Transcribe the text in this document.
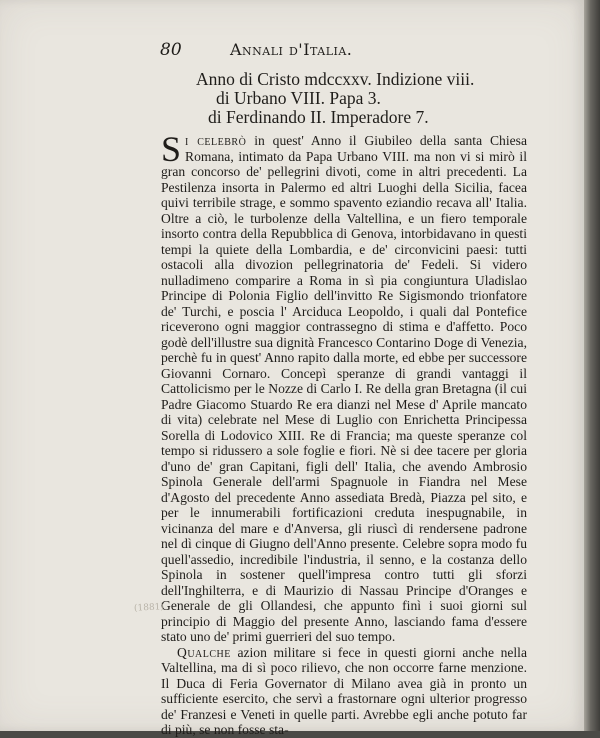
80	Annali d'Italia.
Anno di Cristo mdccxxv. Indizione viii.
di Urbano VIII. Papa 3.
di Ferdinando II. Imperadore 7.

Si celebrò in quest' Anno il Giubileo della santa Chiesa Romana, intimato da Papa Urbano VIII. ma non vi si mirò il gran concorso de' pellegrini divoti, come in altri precedenti. La Pestilenza insorta in Palermo ed altri Luoghi della Sicilia, facea quivi terribile strage, e sommo spavento eziandio recava all' Italia. Oltre a ciò, le turbolenze della Valtellina, e un fiero temporale insorto contra della Repubblica di Genova, intorbidavano in questi tempi la quiete della Lombardia, e de' circonvicini paesi: tutti ostacoli alla divozion pellegrinatoria de' Fedeli. Si videro nulladimeno comparire a Roma in sì pia congiuntura Uladislao Principe di Polonia Figlio dell'invitto Re Sigismondo trionfatore de' Turchi, e poscia l' Arciduca Leopoldo, i quali dal Pontefice riceverono ogni maggior contrassegno di stima e d'affetto. Poco godè dell'illustre sua dignità Francesco Contarino Doge di Venezia, perchè fu in quest' Anno rapito dalla morte, ed ebbe per successore Giovanni Cornaro. Concepì speranze di grandi vantaggi il Cattolicismo per le Nozze di Carlo I. Re della gran Bretagna (il cui Padre Giacomo Stuardo Re era dianzi nel Mese d' Aprile mancato di vita) celebrate nel Mese di Luglio con Enrichetta Principessa Sorella di Lodovico XIII. Re di Francia; ma queste speranze col tempo si ridussero a sole foglie e fiori. Nè si dee tacere per gloria d'uno de' gran Capitani, figli dell' Italia, che avendo Ambrosio Spinola Generale dell'armi Spagnuole in Fiandra nel Mese d'Agosto del precedente Anno assediata Bredà, Piazza pel sito, e per le innumerabili fortificazioni creduta inespugnabile, in vicinanza del mare e d'Anversa, gli riuscì di rendersene padrone nel dì cinque di Giugno dell'Anno presente. Celebre sopra modo fu quell'assedio, incredibile l'industria, il senno, e la costanza dello Spinola in sostener quell'impresa contro tutti gli sforzi dell'Inghilterra, e di Maurizio di Nassau Principe d'Oranges e Generale de gli Ollandesi, che appunto finì i suoi giorni sul principio di Maggio del presente Anno, lasciando fama d'essere stato uno de' primi guerrieri del suo tempo.

Qualche azion militare si fece in questi giorni anche nella Valtellina, ma di sì poco rilievo, che non occorre farne menzione. Il Duca di Feria Governator di Milano avea già in pronto un sufficiente esercito, che servì a frastornare ogni ulterior progresso de' Franzesi e Veneti in quelle parti. Avrebbe egli anche potuto far di più, se non fosse sta-

(1881)
